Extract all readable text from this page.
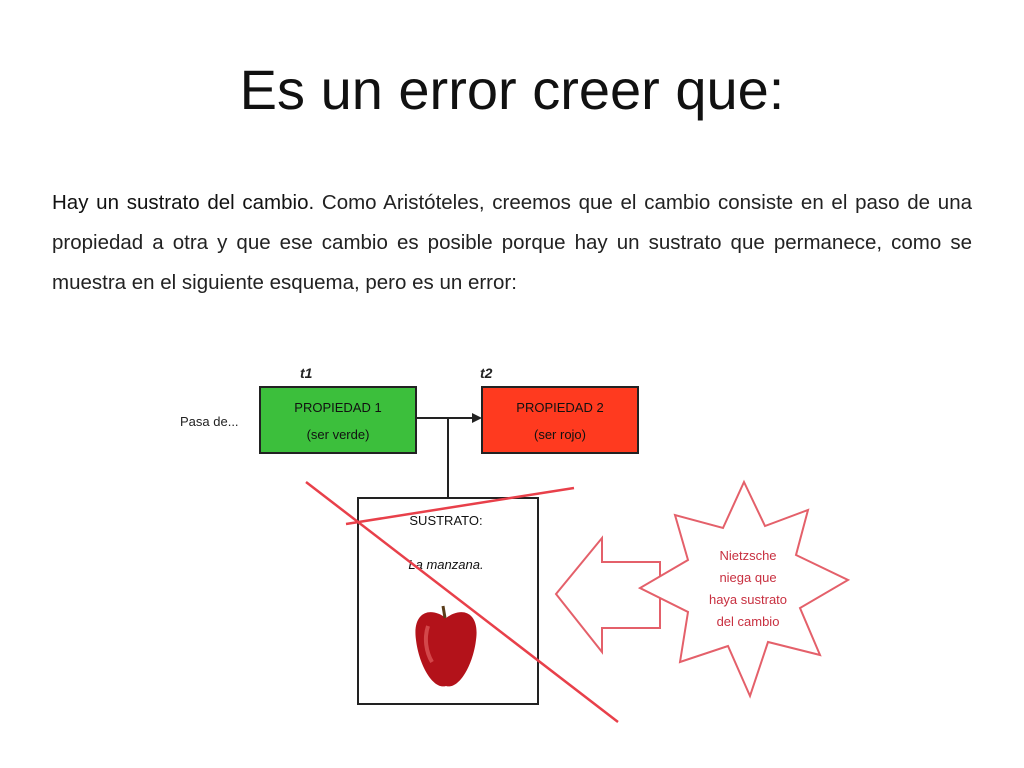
Es un error creer que:
Hay un sustrato del cambio. Como Aristóteles, creemos que el cambio consiste en el paso de una propiedad a otra y que ese cambio es posible porque hay un sustrato que permanece, como se muestra en el siguiente esquema, pero es un error:
t1	t2
Pasa de...
PROPIEDAD 1
(ser verde)
PROPIEDAD 2
(ser rojo)
SUSTRATO:
La manzana.
Nietzsche
niega que
haya sustrato
del cambio
